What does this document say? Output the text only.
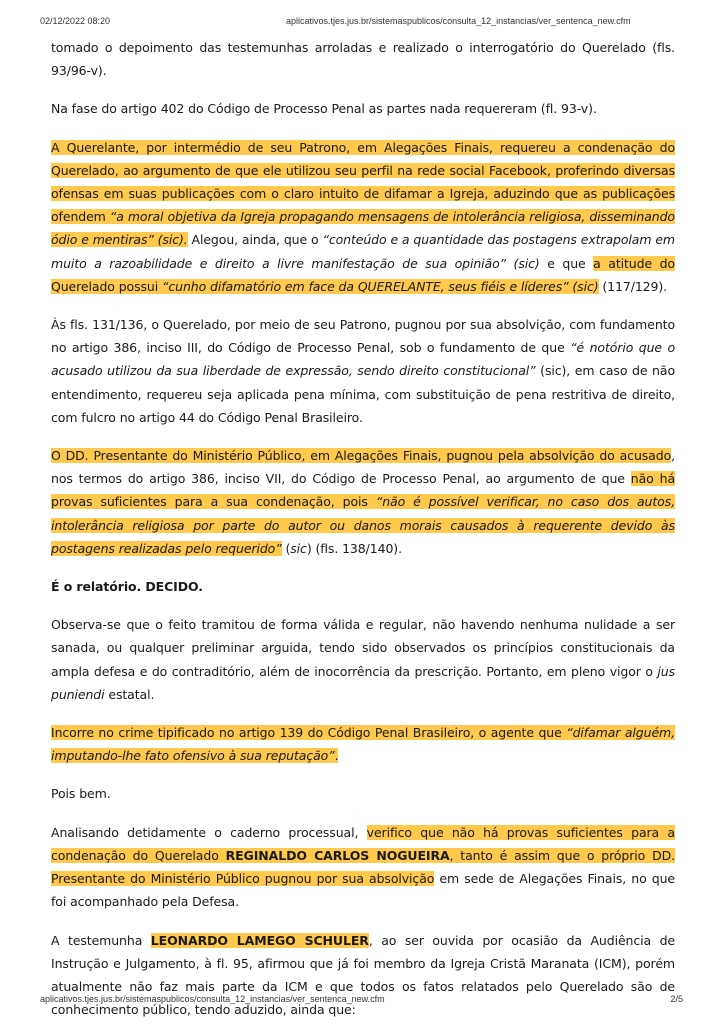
02/12/2022 08:20	aplicativos.tjes.jus.br/sistemaspublicos/consulta_12_instancias/ver_sentenca_new.cfm

tomado o depoimento das testemunhas arroladas e realizado o interrogatório do Querelado (fls. 93/96-v).

Na fase do artigo 402 do Código de Processo Penal as partes nada requereram (fl. 93-v).

A Querelante, por intermédio de seu Patrono, em Alegações Finais, requereu a condenação do Querelado, ao argumento de que ele utilizou seu perfil na rede social Facebook, proferindo diversas ofensas em suas publicações com o claro intuito de difamar a Igreja, aduzindo que as publicações ofendem “a moral objetiva da Igreja propagando mensagens de intolerância religiosa, disseminando ódio e mentiras” (sic). Alegou, ainda, que o “conteúdo e a quantidade das postagens extrapolam em muito a razoabilidade e direito a livre manifestação de sua opinião” (sic) e que a atitude do Querelado possui “cunho difamatório em face da QUERELANTE, seus fiéis e líderes” (sic) (117/129).

Às fls. 131/136, o Querelado, por meio de seu Patrono, pugnou por sua absolvição, com fundamento no artigo 386, inciso III, do Código de Processo Penal, sob o fundamento de que “é notório que o acusado utilizou da sua liberdade de expressão, sendo direito constitucional” (sic), em caso de não entendimento, requereu seja aplicada pena mínima, com substituição de pena restritiva de direito, com fulcro no artigo 44 do Código Penal Brasileiro.

O DD. Presentante do Ministério Público, em Alegações Finais, pugnou pela absolvição do acusado, nos termos do artigo 386, inciso VII, do Código de Processo Penal, ao argumento de que não há provas suficientes para a sua condenação, pois “não é possível verificar, no caso dos autos, intolerância religiosa por parte do autor ou danos morais causados à requerente devido às postagens realizadas pelo requerido” (sic) (fls. 138/140).

É o relatório. DECIDO.

Observa-se que o feito tramitou de forma válida e regular, não havendo nenhuma nulidade a ser sanada, ou qualquer preliminar arguida, tendo sido observados os princípios constitucionais da ampla defesa e do contraditório, além de inocorrência da prescrição. Portanto, em pleno vigor o jus puniendi estatal.

Incorre no crime tipificado no artigo 139 do Código Penal Brasileiro, o agente que “difamar alguém, imputando-lhe fato ofensivo à sua reputação”.

Pois bem.

Analisando detidamente o caderno processual, verifico que não há provas suficientes para a condenação do Querelado REGINALDO CARLOS NOGUEIRA, tanto é assim que o próprio DD. Presentante do Ministério Público pugnou por sua absolvição em sede de Alegações Finais, no que foi acompanhado pela Defesa.

A testemunha LEONARDO LAMEGO SCHULER, ao ser ouvida por ocasião da Audiência de Instrução e Julgamento, à fl. 95, afirmou que já foi membro da Igreja Cristã Maranata (ICM), porém atualmente não faz mais parte da ICM e que todos os fatos relatados pelo Querelado são de conhecimento público, tendo aduzido, ainda que:

aplicativos.tjes.jus.br/sistemaspublicos/consulta_12_instancias/ver_sentenca_new.cfm	2/5
